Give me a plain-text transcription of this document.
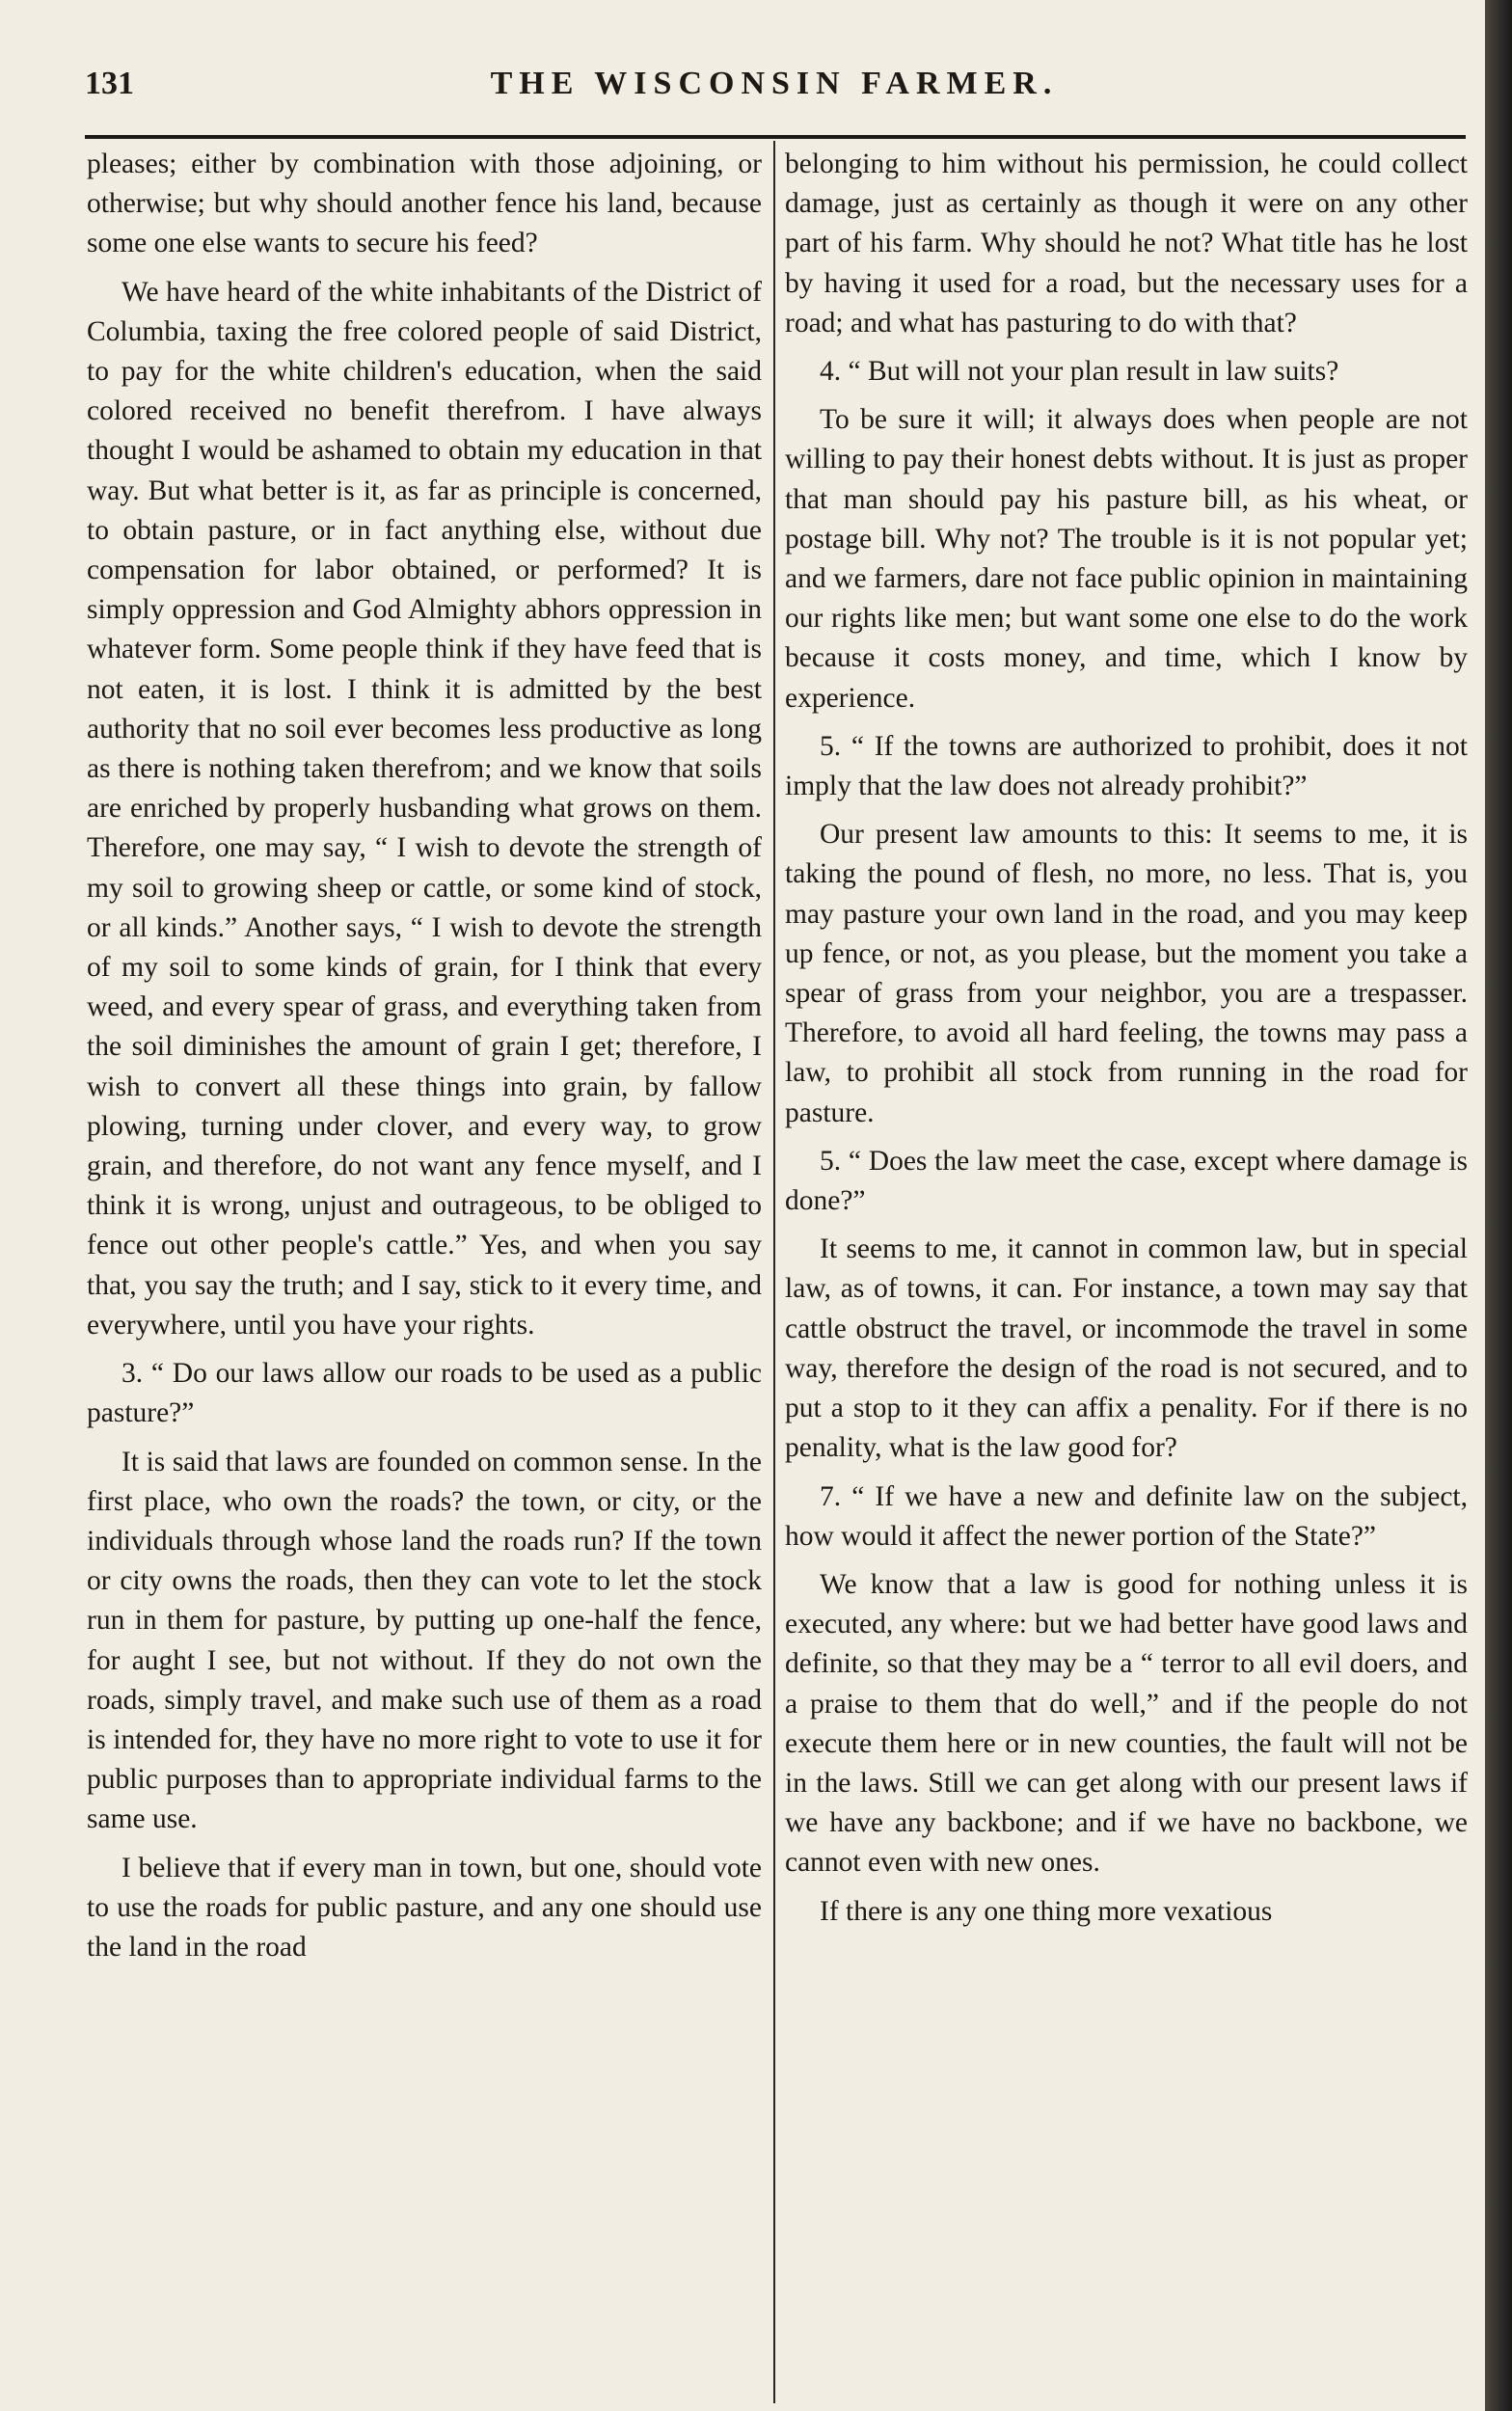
131	THE WISCONSIN FARMER.

pleases; either by combination with those adjoining, or otherwise; but why should another fence his land, because some one else wants to secure his feed?

We have heard of the white inhabitants of the District of Columbia, taxing the free colored people of said District, to pay for the white children's education, when the said colored received no benefit therefrom. I have always thought I would be ashamed to obtain my education in that way. But what better is it, as far as principle is concerned, to obtain pasture, or in fact anything else, without due compensation for labor obtained, or performed? It is simply oppression and God Almighty abhors oppression in whatever form. Some people think if they have feed that is not eaten, it is lost. I think it is admitted by the best authority that no soil ever becomes less productive as long as there is nothing taken therefrom; and we know that soils are enriched by properly husbanding what grows on them. Therefore, one may say, “ I wish to devote the strength of my soil to growing sheep or cattle, or some kind of stock, or all kinds.” Another says, “ I wish to devote the strength of my soil to some kinds of grain, for I think that every weed, and every spear of grass, and everything taken from the soil diminishes the amount of grain I get; therefore, I wish to convert all these things into grain, by fallow plowing, turning under clover, and every way, to grow grain, and therefore, do not want any fence myself, and I think it is wrong, unjust and outrageous, to be obliged to fence out other people's cattle.” Yes, and when you say that, you say the truth; and I say, stick to it every time, and everywhere, until you have your rights.

3. “ Do our laws allow our roads to be used as a public pasture?”

It is said that laws are founded on common sense. In the first place, who own the roads? the town, or city, or the individuals through whose land the roads run? If the town or city owns the roads, then they can vote to let the stock run in them for pasture, by putting up one-half the fence, for aught I see, but not without. If they do not own the roads, simply travel, and make such use of them as a road is intended for, they have no more right to vote to use it for public purposes than to appropriate individual farms to the same use.

I believe that if every man in town, but one, should vote to use the roads for public pasture, and any one should use the land in the road

belonging to him without his permission, he could collect damage, just as certainly as though it were on any other part of his farm. Why should he not? What title has he lost by having it used for a road, but the necessary uses for a road; and what has pasturing to do with that?

4. “ But will not your plan result in law suits?

To be sure it will; it always does when people are not willing to pay their honest debts without. It is just as proper that man should pay his pasture bill, as his wheat, or postage bill. Why not? The trouble is it is not popular yet; and we farmers, dare not face public opinion in maintaining our rights like men; but want some one else to do the work because it costs money, and time, which I know by experience.

5. “ If the towns are authorized to prohibit, does it not imply that the law does not already prohibit?”

Our present law amounts to this: It seems to me, it is taking the pound of flesh, no more, no less. That is, you may pasture your own land in the road, and you may keep up fence, or not, as you please, but the moment you take a spear of grass from your neighbor, you are a trespasser. Therefore, to avoid all hard feeling, the towns may pass a law, to prohibit all stock from running in the road for pasture.

5. “ Does the law meet the case, except where damage is done?”

It seems to me, it cannot in common law, but in special law, as of towns, it can. For instance, a town may say that cattle obstruct the travel, or incommode the travel in some way, therefore the design of the road is not secured, and to put a stop to it they can affix a penality. For if there is no penality, what is the law good for?

7. “ If we have a new and definite law on the subject, how would it affect the newer portion of the State?”

We know that a law is good for nothing unless it is executed, any where: but we had better have good laws and definite, so that they may be a “ terror to all evil doers, and a praise to them that do well,” and if the people do not execute them here or in new counties, the fault will not be in the laws. Still we can get along with our present laws if we have any backbone; and if we have no backbone, we cannot even with new ones.

If there is any one thing more vexatious
